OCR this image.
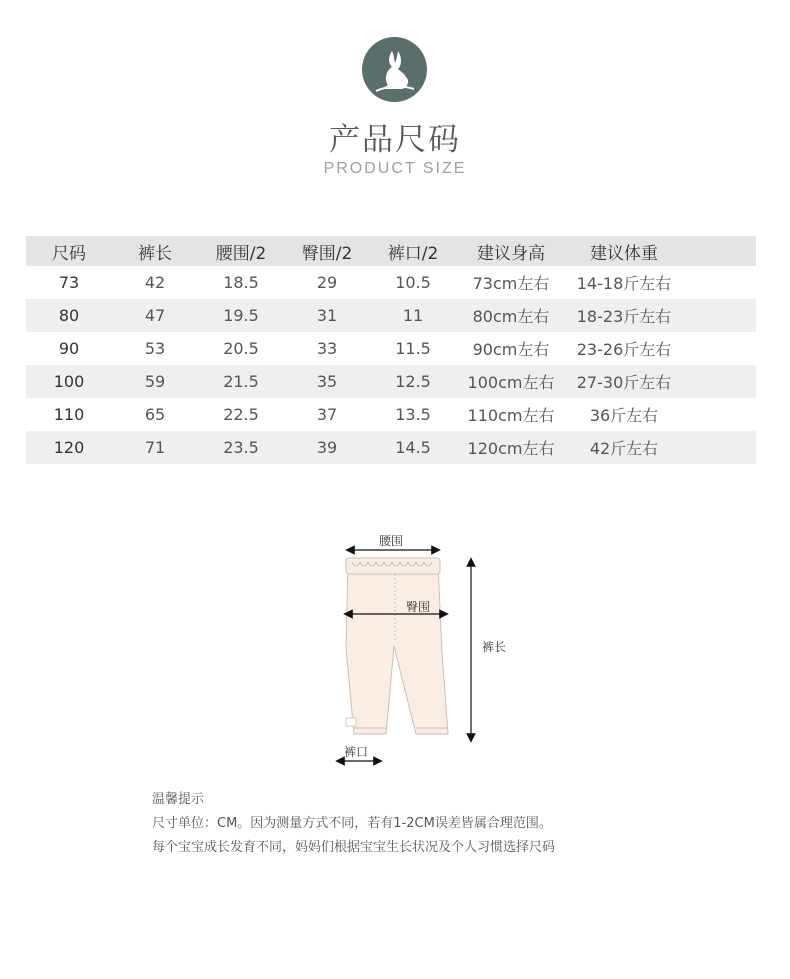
产品尺码
PRODUCT SIZE
尺码	裤长	腰围/2	臀围/2	裤口/2	建议身高	建议体重	
73	42	18.5	29	10.5	73cm左右	14-18斤左右	
80	47	19.5	31	11	80cm左右	18-23斤左右	
90	53	20.5	33	11.5	90cm左右	23-26斤左右	
100	59	21.5	35	12.5	100cm左右	27-30斤左右	
110	65	22.5	37	13.5	110cm左右	36斤左右	
120	71	23.5	39	14.5	120cm左右	42斤左右	
腰围
臀围
裤长
裤口
温馨提示
尺寸单位：CM。因为测量方式不同，若有1-2CM误差皆属合理范围。
每个宝宝成长发育不同，妈妈们根据宝宝生长状况及个人习惯选择尺码
